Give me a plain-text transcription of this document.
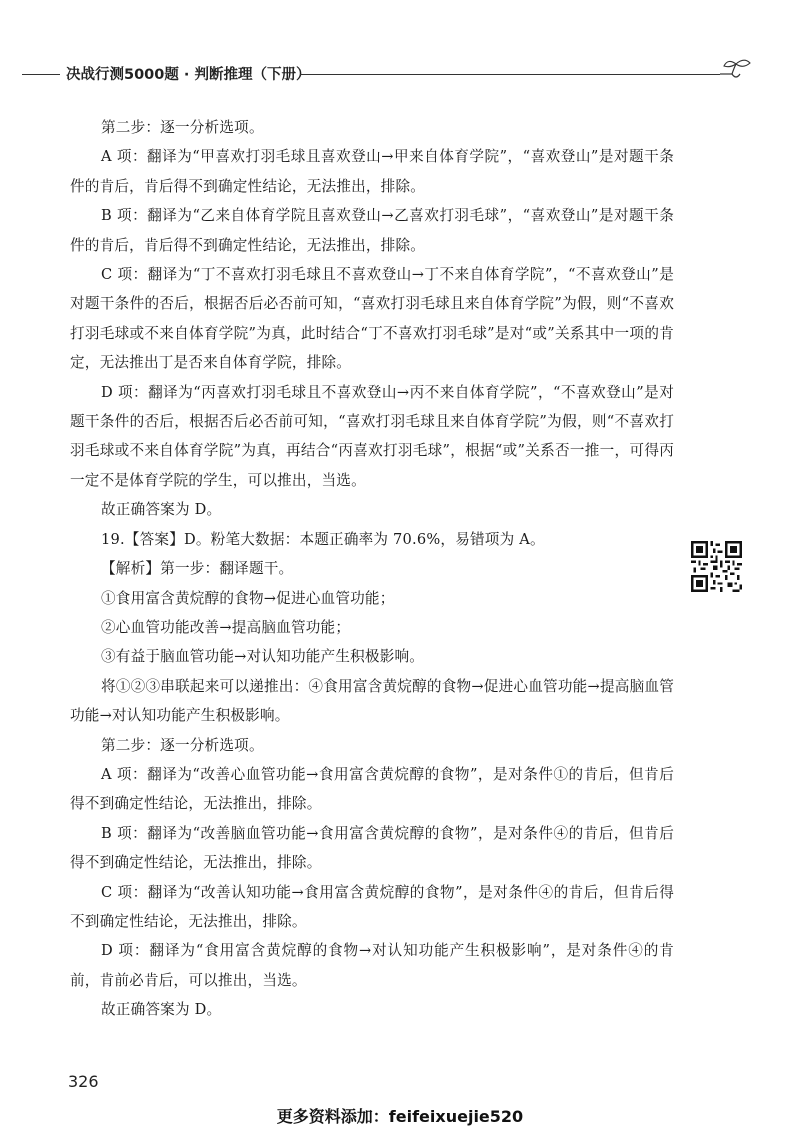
决战行测5000题 · 判断推理（下册）

第二步：逐一分析选项。

A 项：翻译为“甲喜欢打羽毛球且喜欢登山→甲来自体育学院”，“喜欢登山”是对题干条件的肯后，肯后得不到确定性结论，无法推出，排除。

B 项：翻译为“乙来自体育学院且喜欢登山→乙喜欢打羽毛球”，“喜欢登山”是对题干条件的肯后，肯后得不到确定性结论，无法推出，排除。

C 项：翻译为“丁不喜欢打羽毛球且不喜欢登山→丁不来自体育学院”，“不喜欢登山”是对题干条件的否后，根据否后必否前可知，“喜欢打羽毛球且来自体育学院”为假，则“不喜欢打羽毛球或不来自体育学院”为真，此时结合“丁不喜欢打羽毛球”是对“或”关系其中一项的肯定，无法推出丁是否来自体育学院，排除。

D 项：翻译为“丙喜欢打羽毛球且不喜欢登山→丙不来自体育学院”，“不喜欢登山”是对题干条件的否后，根据否后必否前可知，“喜欢打羽毛球且来自体育学院”为假，则“不喜欢打羽毛球或不来自体育学院”为真，再结合“丙喜欢打羽毛球”，根据“或”关系否一推一，可得丙一定不是体育学院的学生，可以推出，当选。

故正确答案为 D。

19.【答案】D。粉笔大数据：本题正确率为 70.6%，易错项为 A。

【解析】第一步：翻译题干。

①食用富含黄烷醇的食物→促进心血管功能；

②心血管功能改善→提高脑血管功能；

③有益于脑血管功能→对认知功能产生积极影响。

将①②③串联起来可以递推出：④食用富含黄烷醇的食物→促进心血管功能→提高脑血管功能→对认知功能产生积极影响。

第二步：逐一分析选项。

A 项：翻译为“改善心血管功能→食用富含黄烷醇的食物”，是对条件①的肯后，但肯后得不到确定性结论，无法推出，排除。

B 项：翻译为“改善脑血管功能→食用富含黄烷醇的食物”，是对条件④的肯后，但肯后得不到确定性结论，无法推出，排除。

C 项：翻译为“改善认知功能→食用富含黄烷醇的食物”，是对条件④的肯后，但肯后得不到确定性结论，无法推出，排除。

D 项：翻译为“食用富含黄烷醇的食物→对认知功能产生积极影响”，是对条件④的肯前，肯前必肯后，可以推出，当选。

故正确答案为 D。

326
更多资料添加：feifeixuejie520
